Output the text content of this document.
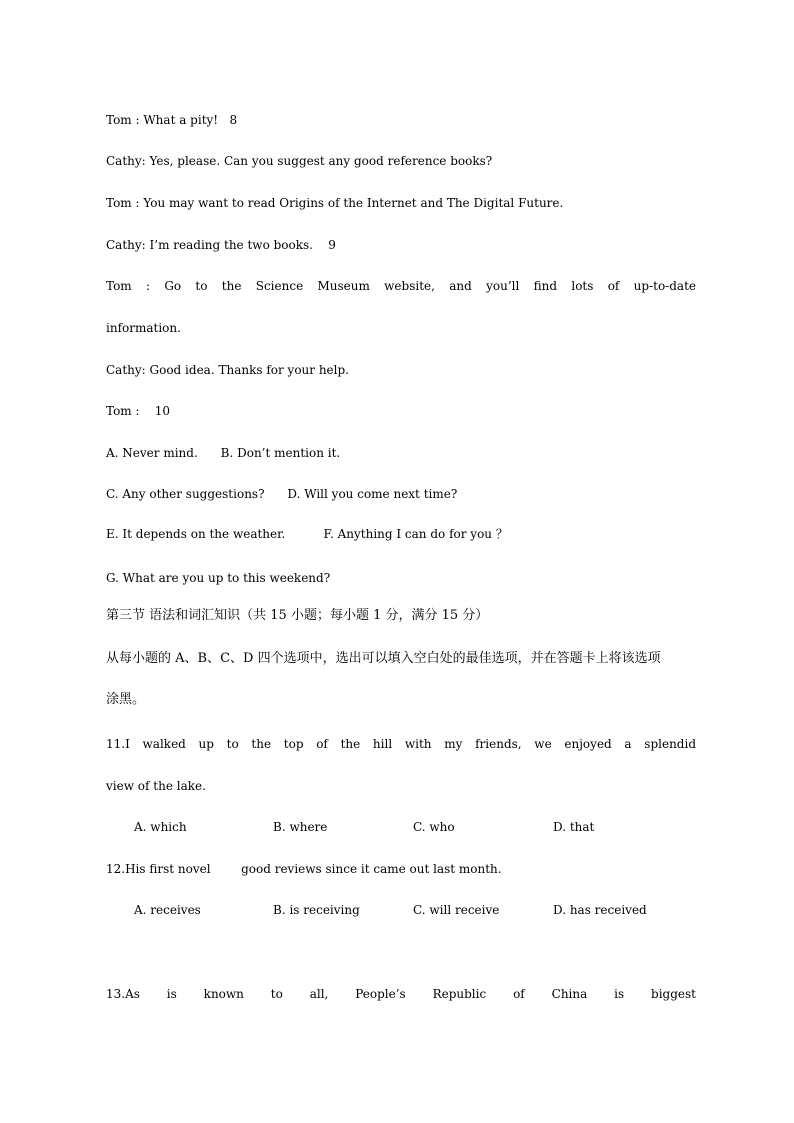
Tom : What a pity!   8
Cathy: Yes, please. Can you suggest any good reference books?
Tom : You may want to read Origins of the Internet and The Digital Future.
Cathy: I’m reading the two books.    9
Tom : Go to the Science Museum website, and you’ll find lots of up-to-date
information.
Cathy: Good idea. Thanks for your help.
Tom :    10
A. Never mind.      B. Don’t mention it.
C. Any other suggestions?      D. Will you come next time?
E. It depends on the weather.          F. Anything I can do for you ？
G. What are you up to this weekend?
第三节 语法和词汇知识（共 15 小题；每小题 1 分，满分 15 分）
从每小题的 A、B、C、D 四个选项中，选出可以填入空白处的最佳选项，并在答题卡上将该选项
涂黑。
11.I walked up to the top of the hill with my friends, we enjoyed a splendid
view of the lake.
A. which	B. where	C. who	D. that
12.His first novel        good reviews since it came out last month.
A. receives	B. is receiving	C. will receive	D. has received
13.As is known to all, People’s Republic of China is biggest
